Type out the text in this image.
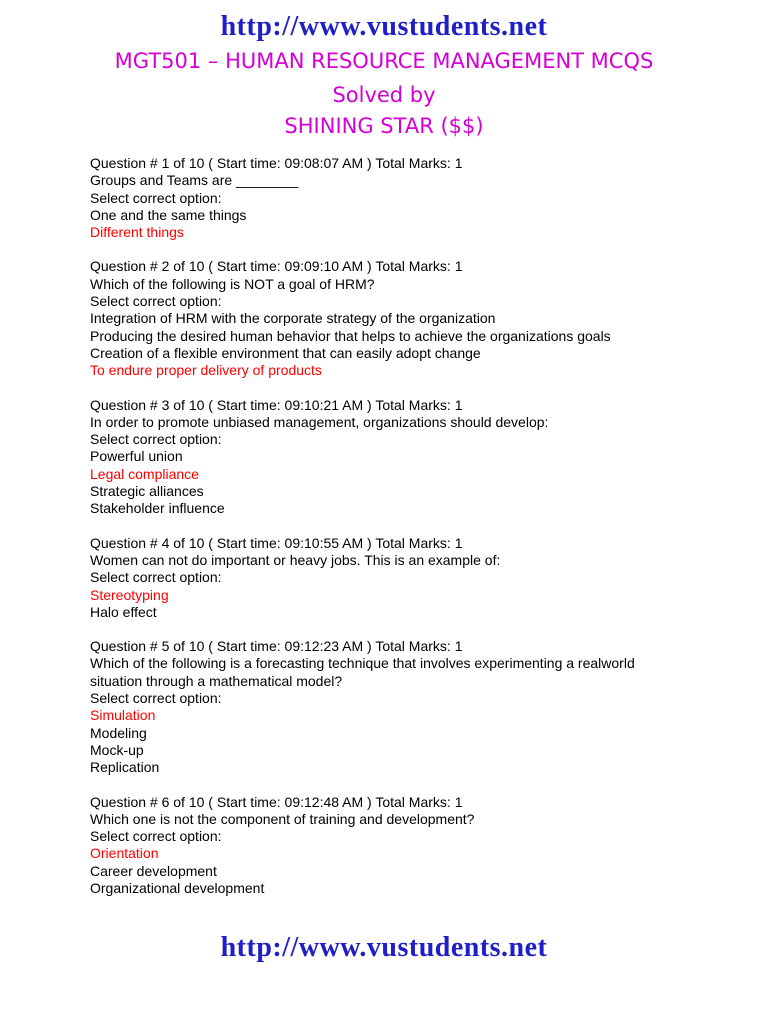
http://www.vustudents.net
MGT501 – HUMAN RESOURCE MANAGEMENT MCQS
Solved by
SHINING STAR ($$)
Question # 1 of 10 ( Start time: 09:08:07 AM ) Total Marks: 1
Groups and Teams are ________
Select correct option:
One and the same things
Different things
Question # 2 of 10 ( Start time: 09:09:10 AM ) Total Marks: 1
Which of the following is NOT a goal of HRM?
Select correct option:
Integration of HRM with the corporate strategy of the organization
Producing the desired human behavior that helps to achieve the organizations goals
Creation of a flexible environment that can easily adopt change
To endure proper delivery of products
Question # 3 of 10 ( Start time: 09:10:21 AM ) Total Marks: 1
In order to promote unbiased management, organizations should develop:
Select correct option:
Powerful union
Legal compliance
Strategic alliances
Stakeholder influence
Question # 4 of 10 ( Start time: 09:10:55 AM ) Total Marks: 1
Women can not do important or heavy jobs. This is an example of:
Select correct option:
Stereotyping
Halo effect
Question # 5 of 10 ( Start time: 09:12:23 AM ) Total Marks: 1
Which of the following is a forecasting technique that involves experimenting a realworld
situation through a mathematical model?
Select correct option:
Simulation
Modeling
Mock-up
Replication
Question # 6 of 10 ( Start time: 09:12:48 AM ) Total Marks: 1
Which one is not the component of training and development?
Select correct option:
Orientation
Career development
Organizational development
http://www.vustudents.net
